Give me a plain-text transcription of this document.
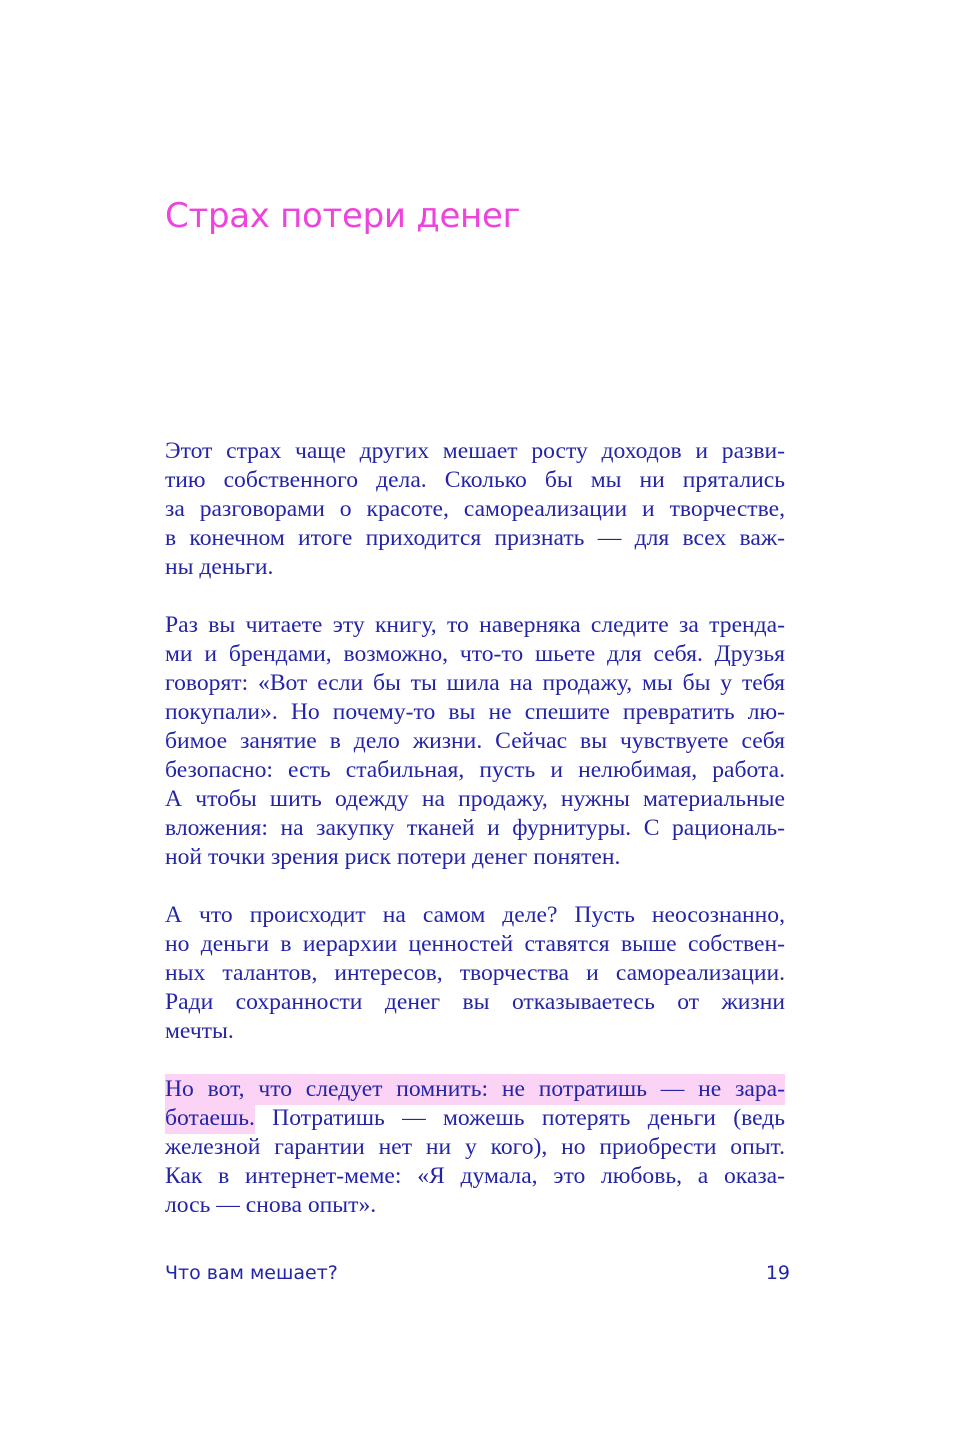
Страх потери денег

Этот страх чаще других мешает росту доходов и разви-
тию собственного дела. Сколько бы мы ни прятались
за разговорами о красоте, самореализации и творчестве,
в конечном итоге приходится признать — для всех важ-
ны деньги.

Раз вы читаете эту книгу, то наверняка следите за тренда-
ми и брендами, возможно, что-то шьете для себя. Друзья
говорят: «Вот если бы ты шила на продажу, мы бы у тебя
покупали». Но почему-то вы не спешите превратить лю-
бимое занятие в дело жизни. Сейчас вы чувствуете себя
безопасно: есть стабильная, пусть и нелюбимая, работа.
А чтобы шить одежду на продажу, нужны материальные
вложения: на закупку тканей и фурнитуры. С рациональ-
ной точки зрения риск потери денег понятен.

А что происходит на самом деле? Пусть неосознанно,
но деньги в иерархии ценностей ставятся выше собствен-
ных талантов, интересов, творчества и самореализации.
Ради сохранности денег вы отказываетесь от жизни
мечты.

Но вот, что следует помнить: не потратишь — не зара-
ботаешь. Потратишь — можешь потерять деньги (ведь
железной гарантии нет ни у кого), но приобрести опыт.
Как в интернет-меме: «Я думала, это любовь, а оказа-
лось — снова опыт».

Что вам мешает?	19
